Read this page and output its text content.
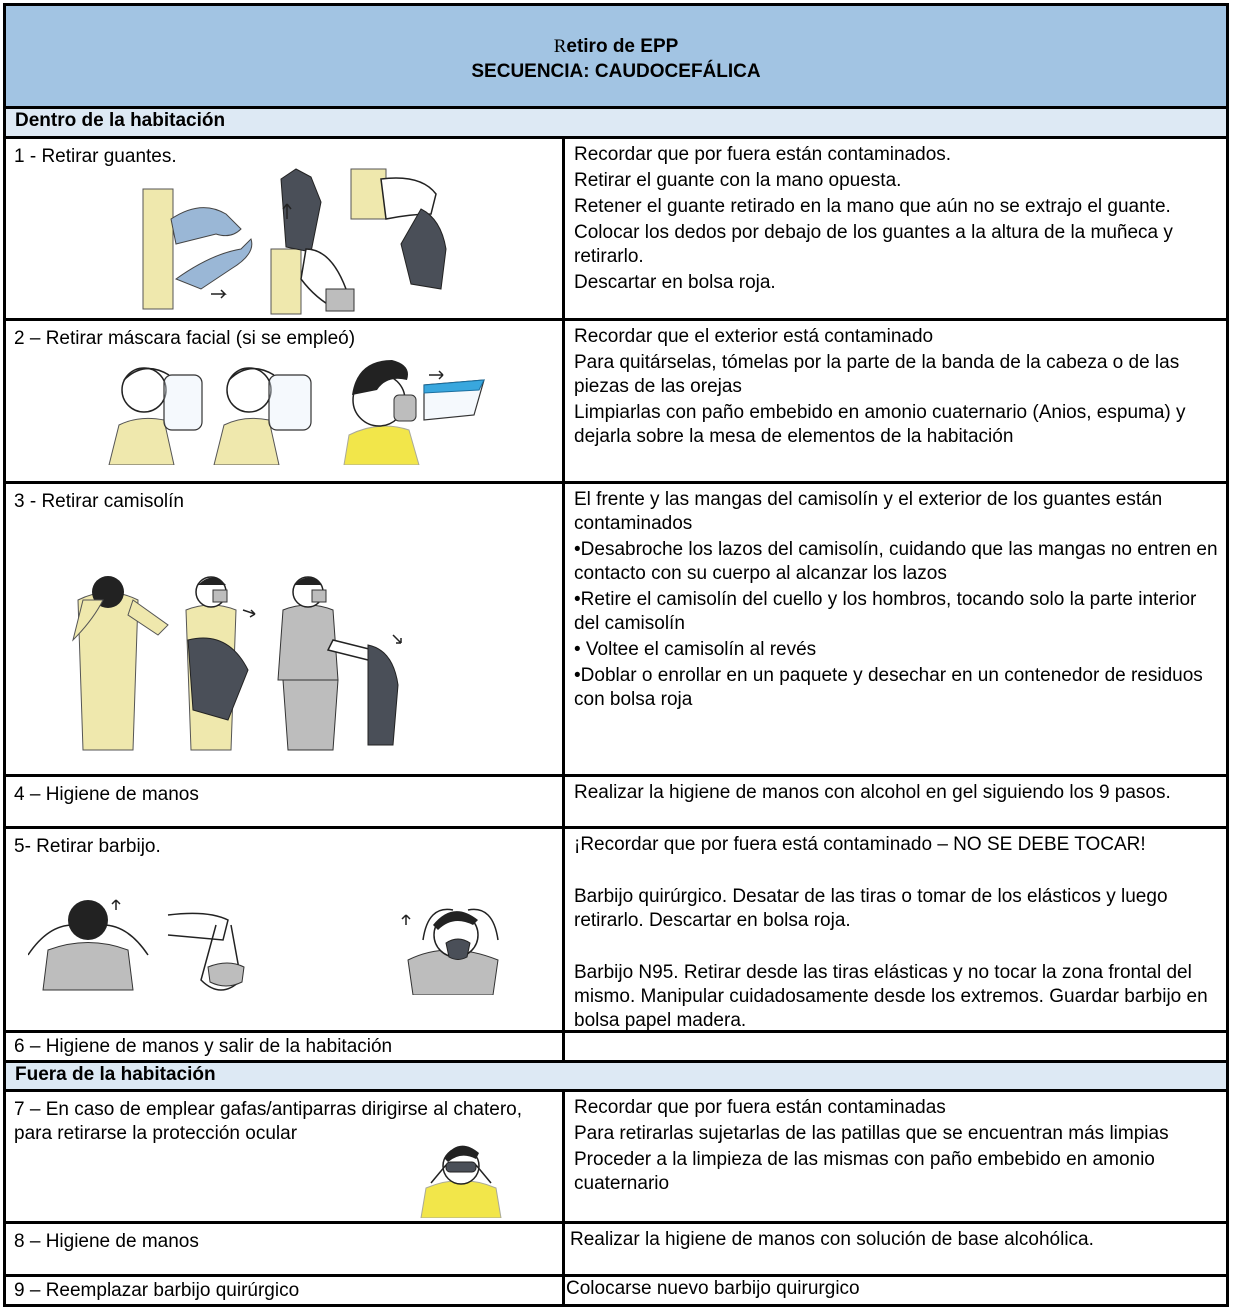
Retiro de EPP
SECUENCIA: CAUDOCEFÁLICA
Dentro de la habitación
1 - Retirar guantes.	Recordar que por fuera están contaminados.

Retirar el guante con la mano opuesta.

Retener el guante retirado en la mano que aún no se extrajo el guante.

Colocar los dedos por debajo de los guantes a la altura de la muñeca y retirarlo.

Descartar en bolsa roja.

2 – Retirar máscara facial (si se empleó)	Recordar que el exterior está contaminado

Para quitárselas, tómelas por la parte de la banda de la cabeza o de las piezas de las orejas

Limpiarlas con paño embebido en amonio cuaternario (Anios, espuma) y dejarla sobre la mesa de elementos de la habitación

3 - Retirar camisolín	El frente y las mangas del camisolín y el exterior de los guantes están contaminados

•Desabroche los lazos del camisolín, cuidando que las mangas no entren en contacto con su cuerpo al alcanzar los lazos

•Retire el camisolín del cuello y los hombros, tocando solo la parte interior del camisolín

• Voltee el camisolín al revés

•Doblar o enrollar en un paquete y desechar en un contenedor de residuos con bolsa roja

4 – Higiene de manos	Realizar la higiene de manos con alcohol en gel siguiendo los 9 pasos.

5- Retirar barbijo.	¡Recordar que por fuera está contaminado – NO SE DEBE TOCAR!

Barbijo quirúrgico. Desatar de las tiras o tomar de los elásticos y luego retirarlo. Descartar en bolsa roja.

Barbijo N95. Retirar desde las tiras elásticas y no tocar la zona frontal del mismo. Manipular cuidadosamente desde los extremos. Guardar barbijo en bolsa papel madera.

6 – Higiene de manos y salir de la habitación
Fuera de la habitación
7 – En caso de emplear gafas/antiparras dirigirse al chatero, para retirarse la protección ocular

Recordar que por fuera están contaminadas

Para retirarlas sujetarlas de las patillas que se encuentran más limpias

Proceder a la limpieza de las mismas con paño embebido en amonio cuaternario

8 – Higiene de manos	Realizar la higiene de manos con solución de base alcohólica.

9 – Reemplazar barbijo quirúrgico	Colocarse nuevo barbijo quirurgico
